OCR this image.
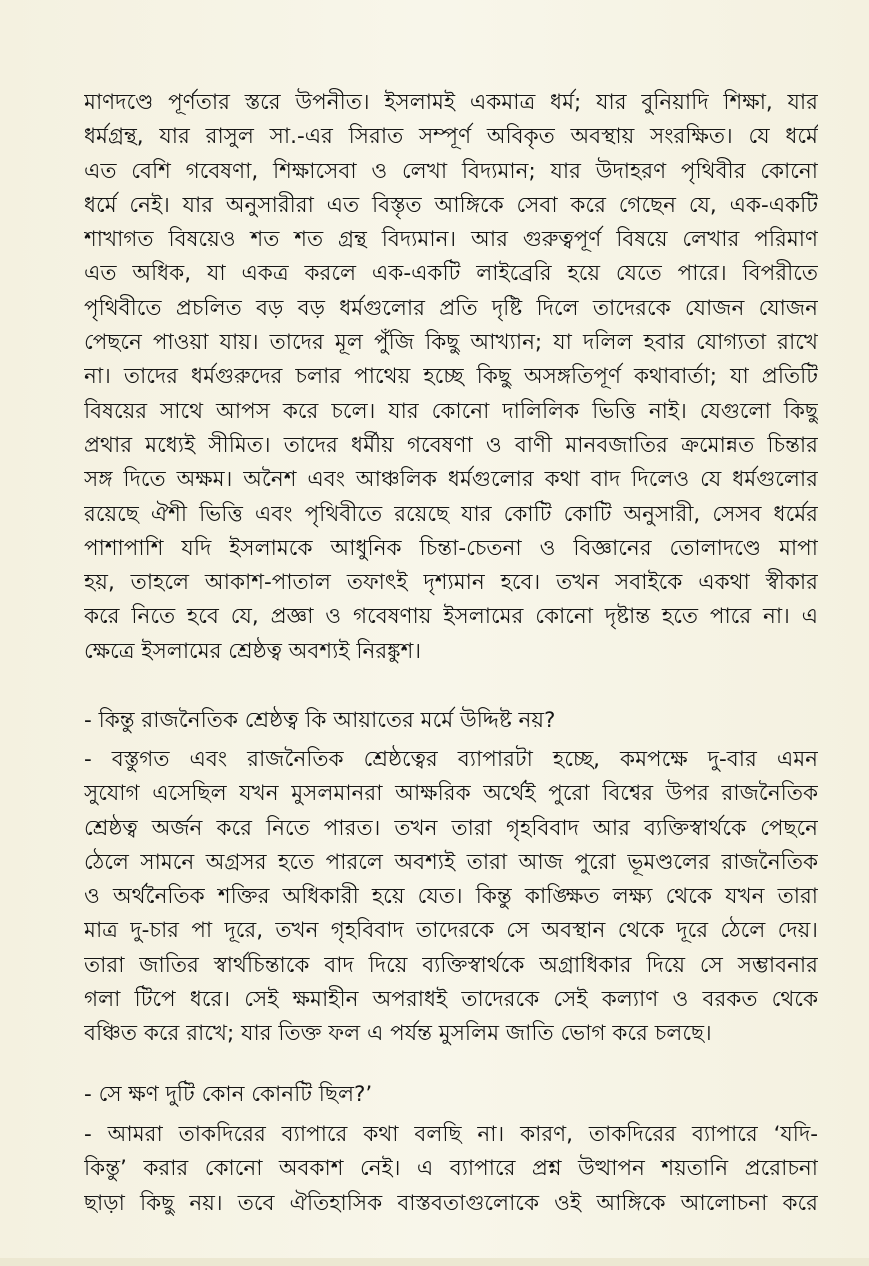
মাণদণ্ডে পূর্ণতার স্তরে উপনীত। ইসলামই একমাত্র ধর্ম; যার বুনিয়াদি শিক্ষা, যার
ধর্মগ্রন্থ, যার রাসুল সা.-এর সিরাত সম্পূর্ণ অবিকৃত অবস্থায় সংরক্ষিত। যে ধর্মে
এত বেশি গবেষণা, শিক্ষাসেবা ও লেখা বিদ্যমান; যার উদাহরণ পৃথিবীর কোনো
ধর্মে নেই। যার অনুসারীরা এত বিস্তৃত আঙ্গিকে সেবা করে গেছেন যে, এক-একটি
শাখাগত বিষয়েও শত শত গ্রন্থ বিদ্যমান। আর গুরুত্বপূর্ণ বিষয়ে লেখার পরিমাণ
এত অধিক, যা একত্র করলে এক-একটি লাইব্রেরি হয়ে যেতে পারে। বিপরীতে
পৃথিবীতে প্রচলিত বড় বড় ধর্মগুলোর প্রতি দৃষ্টি দিলে তাদেরকে যোজন যোজন
পেছনে পাওয়া যায়। তাদের মূল পুঁজি কিছু আখ্যান; যা দলিল হবার যোগ্যতা রাখে
না। তাদের ধর্মগুরুদের চলার পাথেয় হচ্ছে কিছু অসঙ্গতিপূর্ণ কথাবার্তা; যা প্রতিটি
বিষয়ের সাথে আপস করে চলে। যার কোনো দালিলিক ভিত্তি নাই। যেগুলো কিছু
প্রথার মধ্যেই সীমিত। তাদের ধর্মীয় গবেষণা ও বাণী মানবজাতির ক্রমোন্নত চিন্তার
সঙ্গ দিতে অক্ষম। অনৈশ এবং আঞ্চলিক ধর্মগুলোর কথা বাদ দিলেও যে ধর্মগুলোর
রয়েছে ঐশী ভিত্তি এবং পৃথিবীতে রয়েছে যার কোটি কোটি অনুসারী, সেসব ধর্মের
পাশাপাশি যদি ইসলামকে আধুনিক চিন্তা-চেতনা ও বিজ্ঞানের তোলাদণ্ডে মাপা
হয়, তাহলে আকাশ-পাতাল তফাৎই দৃশ্যমান হবে। তখন সবাইকে একথা স্বীকার
করে নিতে হবে যে, প্রজ্ঞা ও গবেষণায় ইসলামের কোনো দৃষ্টান্ত হতে পারে না। এ
ক্ষেত্রে ইসলামের শ্রেষ্ঠত্ব অবশ্যই নিরঙ্কুশ।
- কিন্তু রাজনৈতিক শ্রেষ্ঠত্ব কি আয়াতের মর্মে উদ্দিষ্ট নয়?
- বস্তুগত এবং রাজনৈতিক শ্রেষ্ঠত্বের ব্যাপারটা হচ্ছে, কমপক্ষে দু-বার এমন
সুযোগ এসেছিল যখন মুসলমানরা আক্ষরিক অর্থেই পুরো বিশ্বের উপর রাজনৈতিক
শ্রেষ্ঠত্ব অর্জন করে নিতে পারত। তখন তারা গৃহবিবাদ আর ব্যক্তিস্বার্থকে পেছনে
ঠেলে সামনে অগ্রসর হতে পারলে অবশ্যই তারা আজ পুরো ভূমণ্ডলের রাজনৈতিক
ও অর্থনৈতিক শক্তির অধিকারী হয়ে যেত। কিন্তু কাঙ্ক্ষিত লক্ষ্য থেকে যখন তারা
মাত্র দু-চার পা দূরে, তখন গৃহবিবাদ তাদেরকে সে অবস্থান থেকে দূরে ঠেলে দেয়।
তারা জাতির স্বার্থচিন্তাকে বাদ দিয়ে ব্যক্তিস্বার্থকে অগ্রাধিকার দিয়ে সে সম্ভাবনার
গলা টিপে ধরে। সেই ক্ষমাহীন অপরাধই তাদেরকে সেই কল্যাণ ও বরকত থেকে
বঞ্চিত করে রাখে; যার তিক্ত ফল এ পর্যন্ত মুসলিম জাতি ভোগ করে চলছে।
- সে ক্ষণ দুটি কোন কোনটি ছিল?’
- আমরা তাকদিরের ব্যাপারে কথা বলছি না। কারণ, তাকদিরের ব্যাপারে ‘যদি-
কিন্তু’ করার কোনো অবকাশ নেই। এ ব্যাপারে প্রশ্ন উত্থাপন শয়তানি প্ররোচনা
ছাড়া কিছু নয়। তবে ঐতিহাসিক বাস্তবতাগুলোকে ওই আঙ্গিকে আলোচনা করে
